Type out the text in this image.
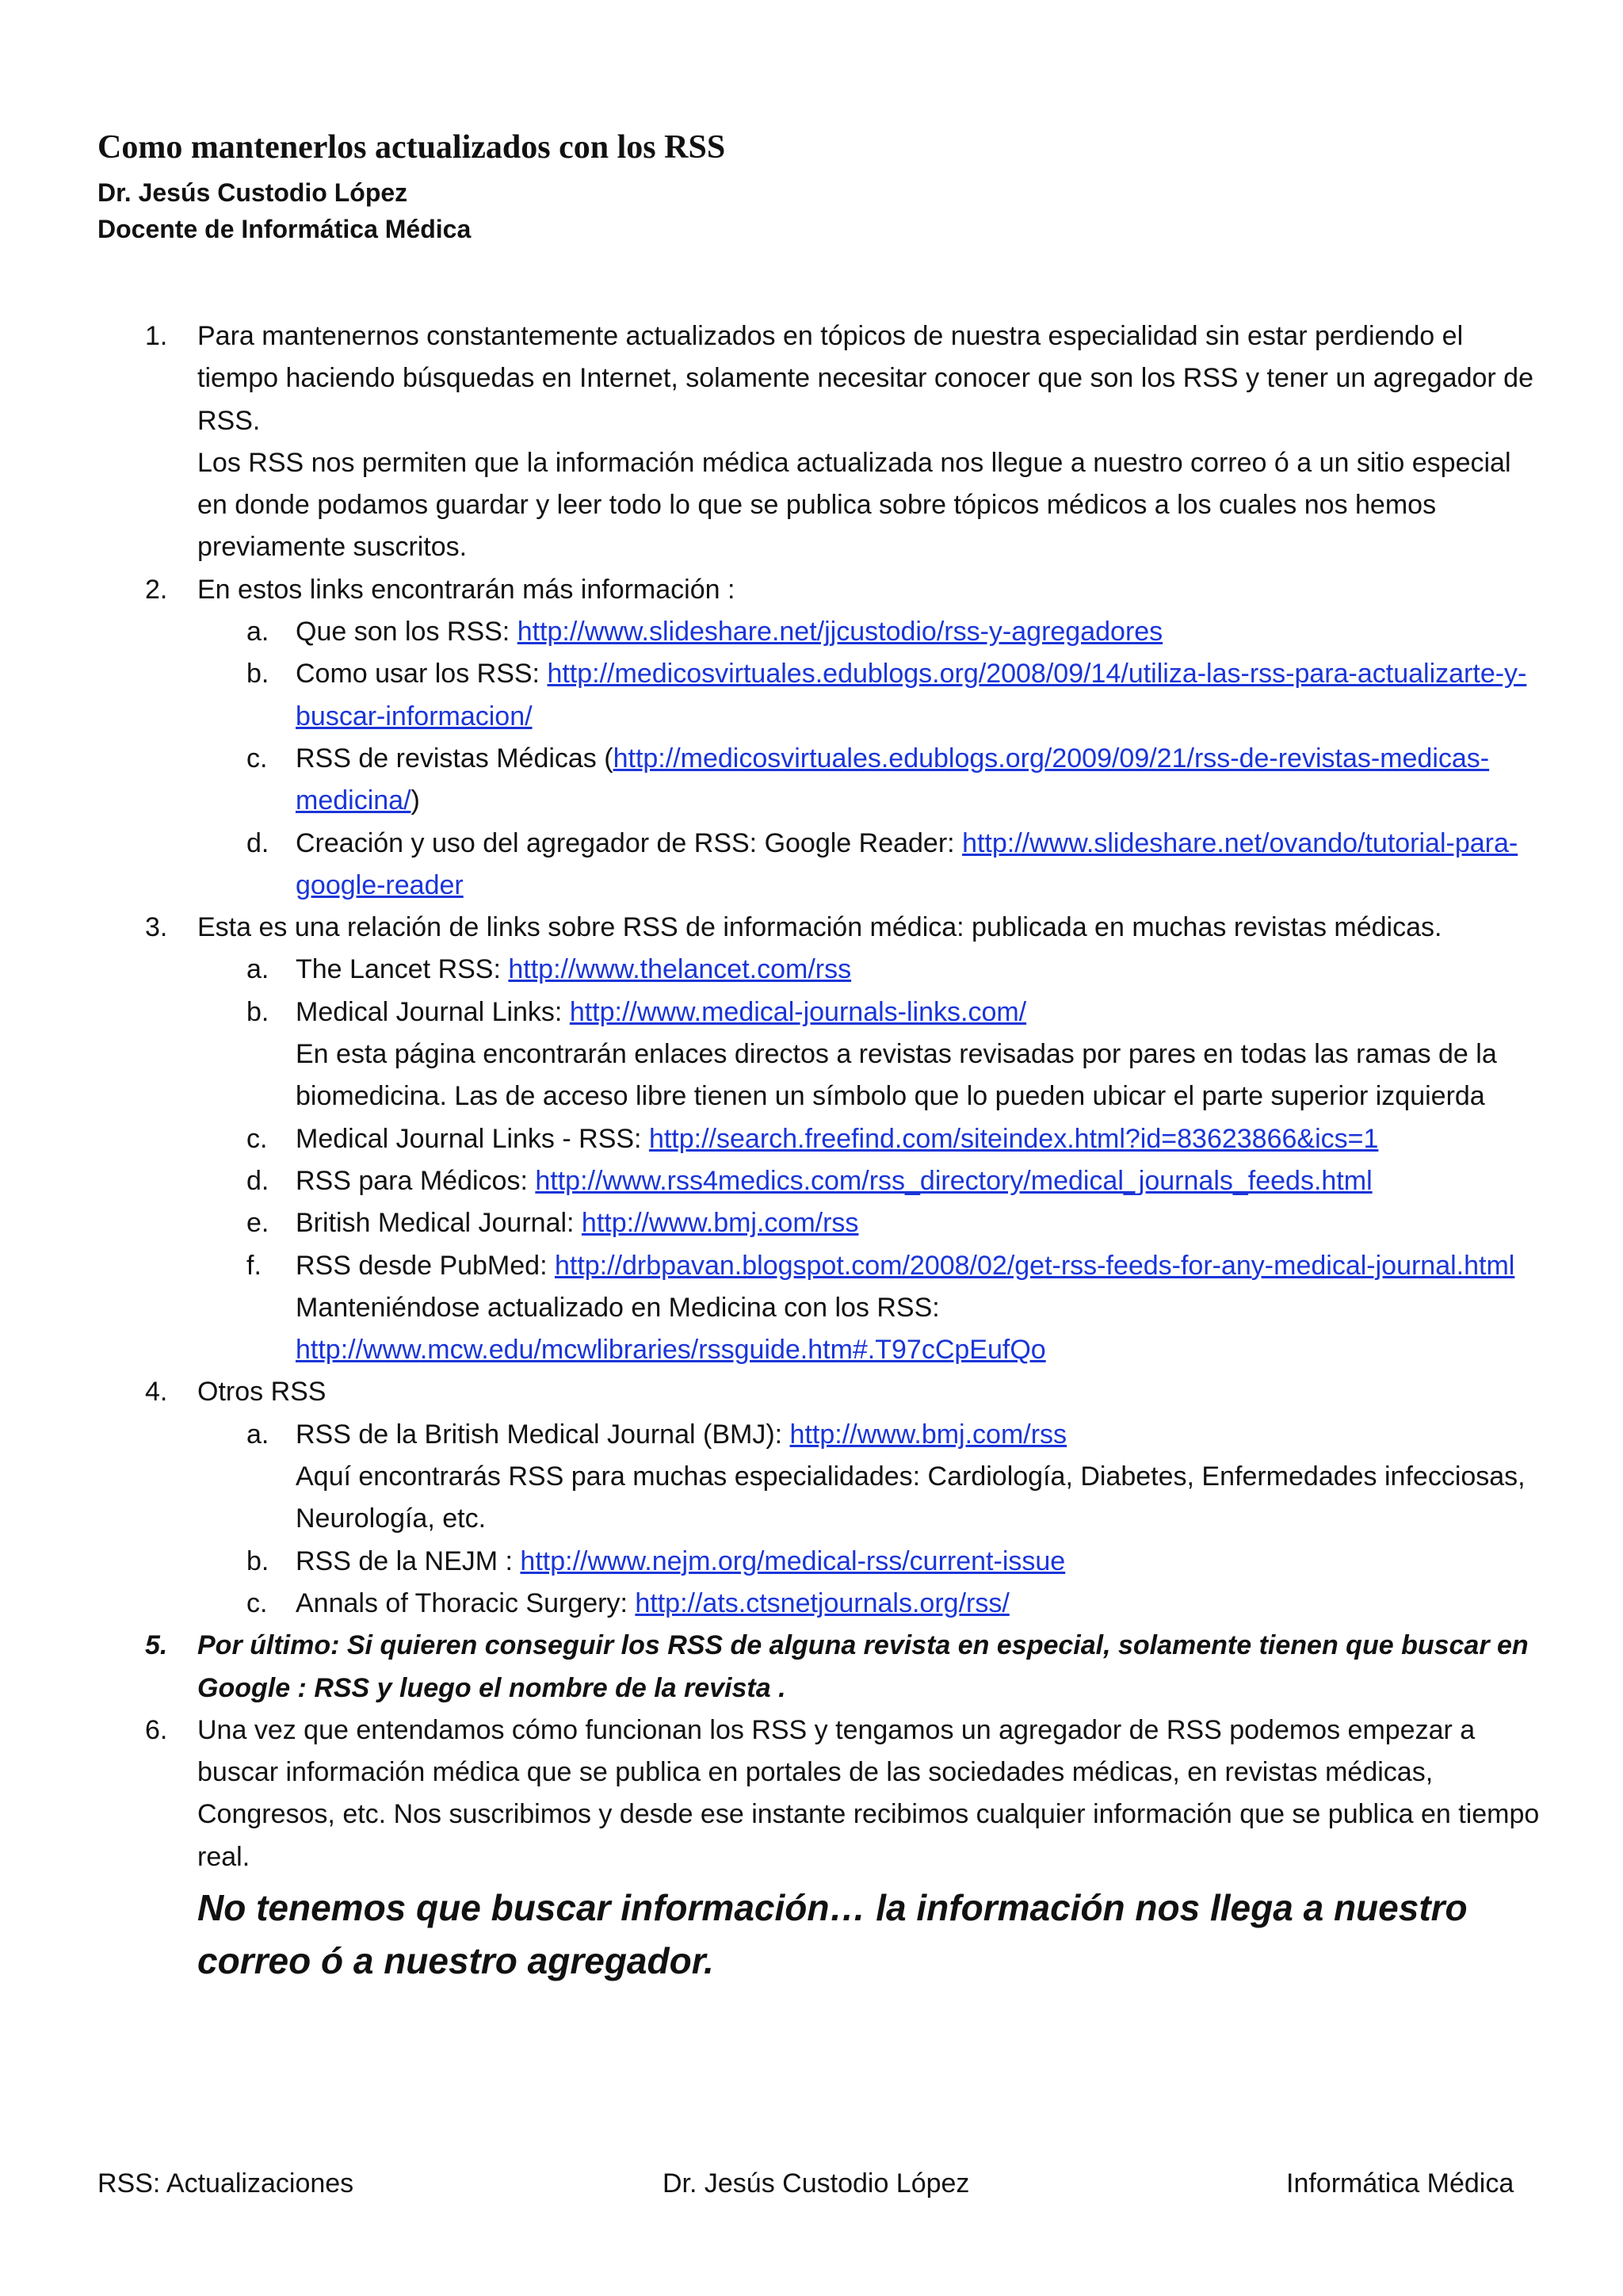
Como mantenerlos actualizados con los RSS

Dr. Jesús Custodio López

Docente de Informática Médica

1. Para mantenernos constantemente actualizados en tópicos de nuestra especialidad sin estar perdiendo el tiempo haciendo búsquedas en Internet, solamente necesitar conocer que son los RSS y tener un agregador de RSS.
Los RSS nos permiten que la información médica actualizada nos llegue a nuestro correo ó a un sitio especial en donde podamos guardar y leer todo lo que se publica sobre tópicos médicos a los cuales nos hemos previamente suscritos.
2. En estos links encontrarán más información :
a. Que son los RSS: http://www.slideshare.net/jjcustodio/rss-y-agregadores
b. Como usar los RSS: http://medicosvirtuales.edublogs.org/2008/09/14/utiliza-las-rss-para-actualizarte-y-buscar-informacion/
c. RSS de revistas Médicas (http://medicosvirtuales.edublogs.org/2009/09/21/rss-de-revistas-medicas-medicina/)
d. Creación y uso del agregador de RSS: Google Reader: http://www.slideshare.net/ovando/tutorial-para-google-reader
3. Esta es una relación de links sobre RSS de información médica: publicada en muchas revistas médicas.
a. The Lancet RSS: http://www.thelancet.com/rss
b. Medical Journal Links: http://www.medical-journals-links.com/
En esta página encontrarán enlaces directos a revistas revisadas por pares en todas las ramas de la biomedicina. Las de acceso libre tienen un símbolo que lo pueden ubicar el parte superior izquierda
c. Medical Journal Links - RSS: http://search.freefind.com/siteindex.html?id=83623866&ics=1
d. RSS para Médicos: http://www.rss4medics.com/rss_directory/medical_journals_feeds.html
e. British Medical Journal: http://www.bmj.com/rss
f. RSS desde PubMed: http://drbpavan.blogspot.com/2008/02/get-rss-feeds-for-any-medical-journal.html
Manteniéndose actualizado en Medicina con los RSS:
http://www.mcw.edu/mcwlibraries/rssguide.htm#.T97cCpEufQo
4. Otros RSS
a. RSS de la British Medical Journal (BMJ): http://www.bmj.com/rss
Aquí encontrarás RSS para muchas especialidades: Cardiología, Diabetes, Enfermedades infecciosas, Neurología, etc.
b. RSS de la NEJM : http://www.nejm.org/medical-rss/current-issue
c. Annals of Thoracic Surgery: http://ats.ctsnetjournals.org/rss/
5. Por último: Si quieren conseguir los RSS de alguna revista en especial, solamente tienen que buscar en Google : RSS y luego el nombre de la revista .
6. Una vez que entendamos cómo funcionan los RSS y tengamos un agregador de RSS podemos empezar a buscar información médica que se publica en portales de las sociedades médicas, en revistas médicas, Congresos, etc. Nos suscribimos y desde ese instante recibimos cualquier información que se publica en tiempo real.
No tenemos que buscar información… la información nos llega a nuestro correo ó a nuestro agregador.
RSS: Actualizaciones	Dr. Jesús Custodio López	Informática Médica
